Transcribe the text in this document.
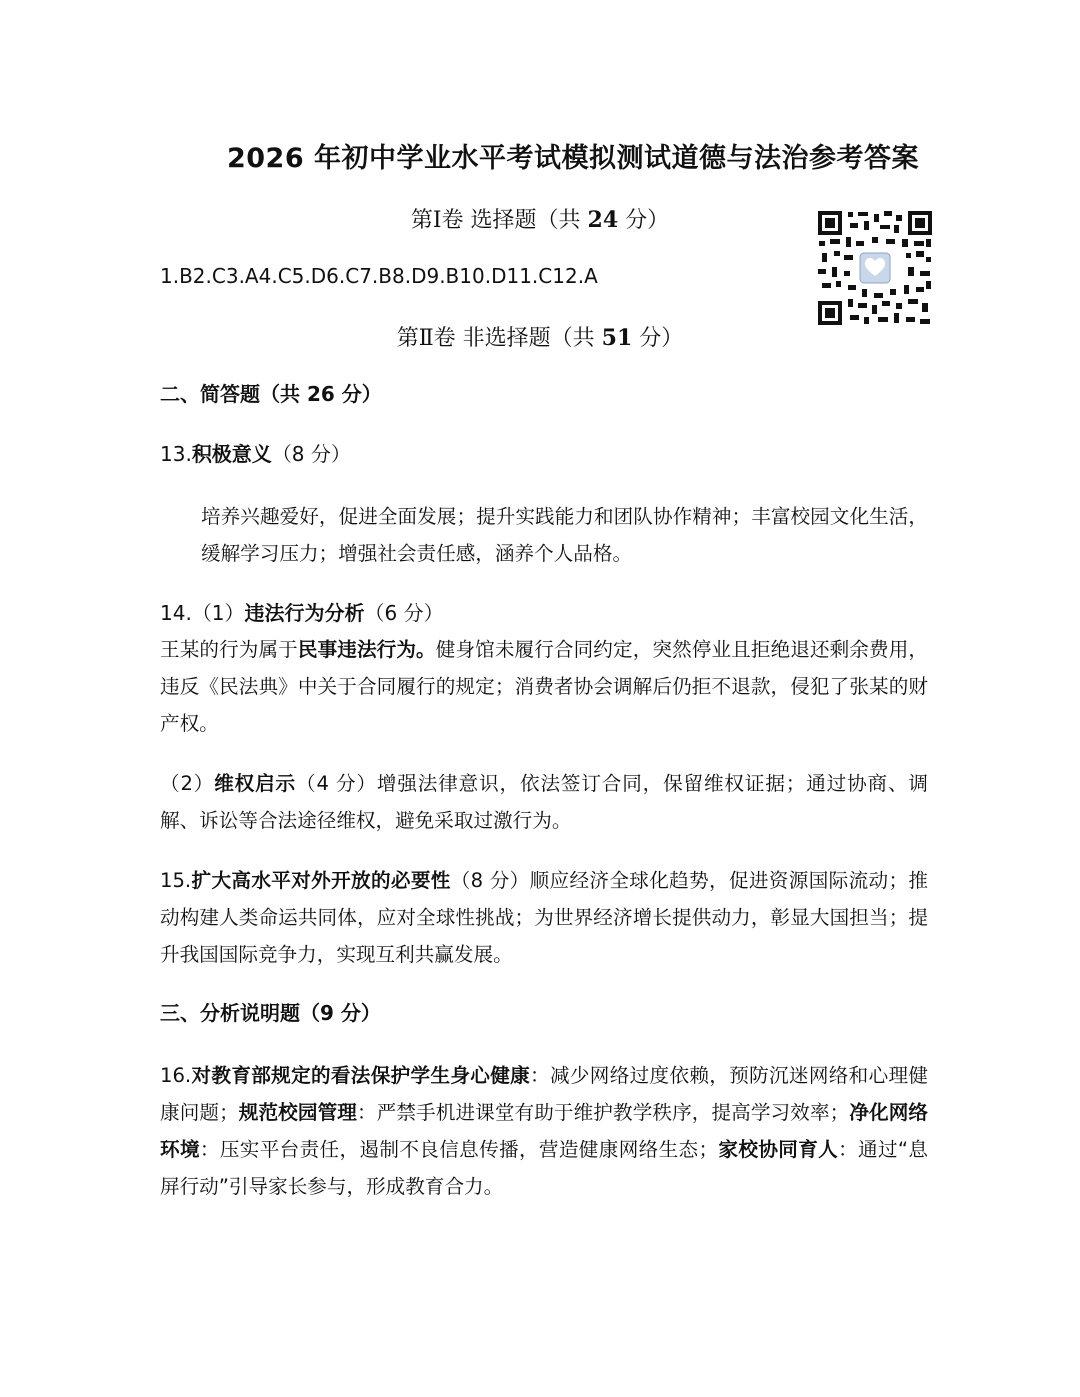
2026 年初中学业水平考试模拟测试道德与法治参考答案
第Ⅰ卷 选择题（共 24 分）
1.B2.C3.A4.C5.D6.C7.B8.D9.B10.D11.C12.A
第Ⅱ卷 非选择题（共 51 分）
二、简答题（共 26 分）
13.积极意义（8 分）
培养兴趣爱好，促进全面发展；提升实践能力和团队协作精神；丰富校园文化生活，缓解学习压力；增强社会责任感，涵养个人品格。
14.（1）违法行为分析（6 分）
王某的行为属于民事违法行为。健身馆未履行合同约定，突然停业且拒绝退还剩余费用，违反《民法典》中关于合同履行的规定；消费者协会调解后仍拒不退款，侵犯了张某的财产权。
（2）维权启示（4 分）增强法律意识，依法签订合同，保留维权证据；通过协商、调解、诉讼等合法途径维权，避免采取过激行为。
15.扩大高水平对外开放的必要性（8 分）顺应经济全球化趋势，促进资源国际流动；推动构建人类命运共同体，应对全球性挑战；为世界经济增长提供动力，彰显大国担当；提升我国国际竞争力，实现互利共赢发展。
三、分析说明题（9 分）
16.对教育部规定的看法保护学生身心健康：减少网络过度依赖，预防沉迷网络和心理健康问题；规范校园管理：严禁手机进课堂有助于维护教学秩序，提高学习效率；净化网络环境：压实平台责任，遏制不良信息传播，营造健康网络生态；家校协同育人：通过“息屏行动”引导家长参与，形成教育合力。
